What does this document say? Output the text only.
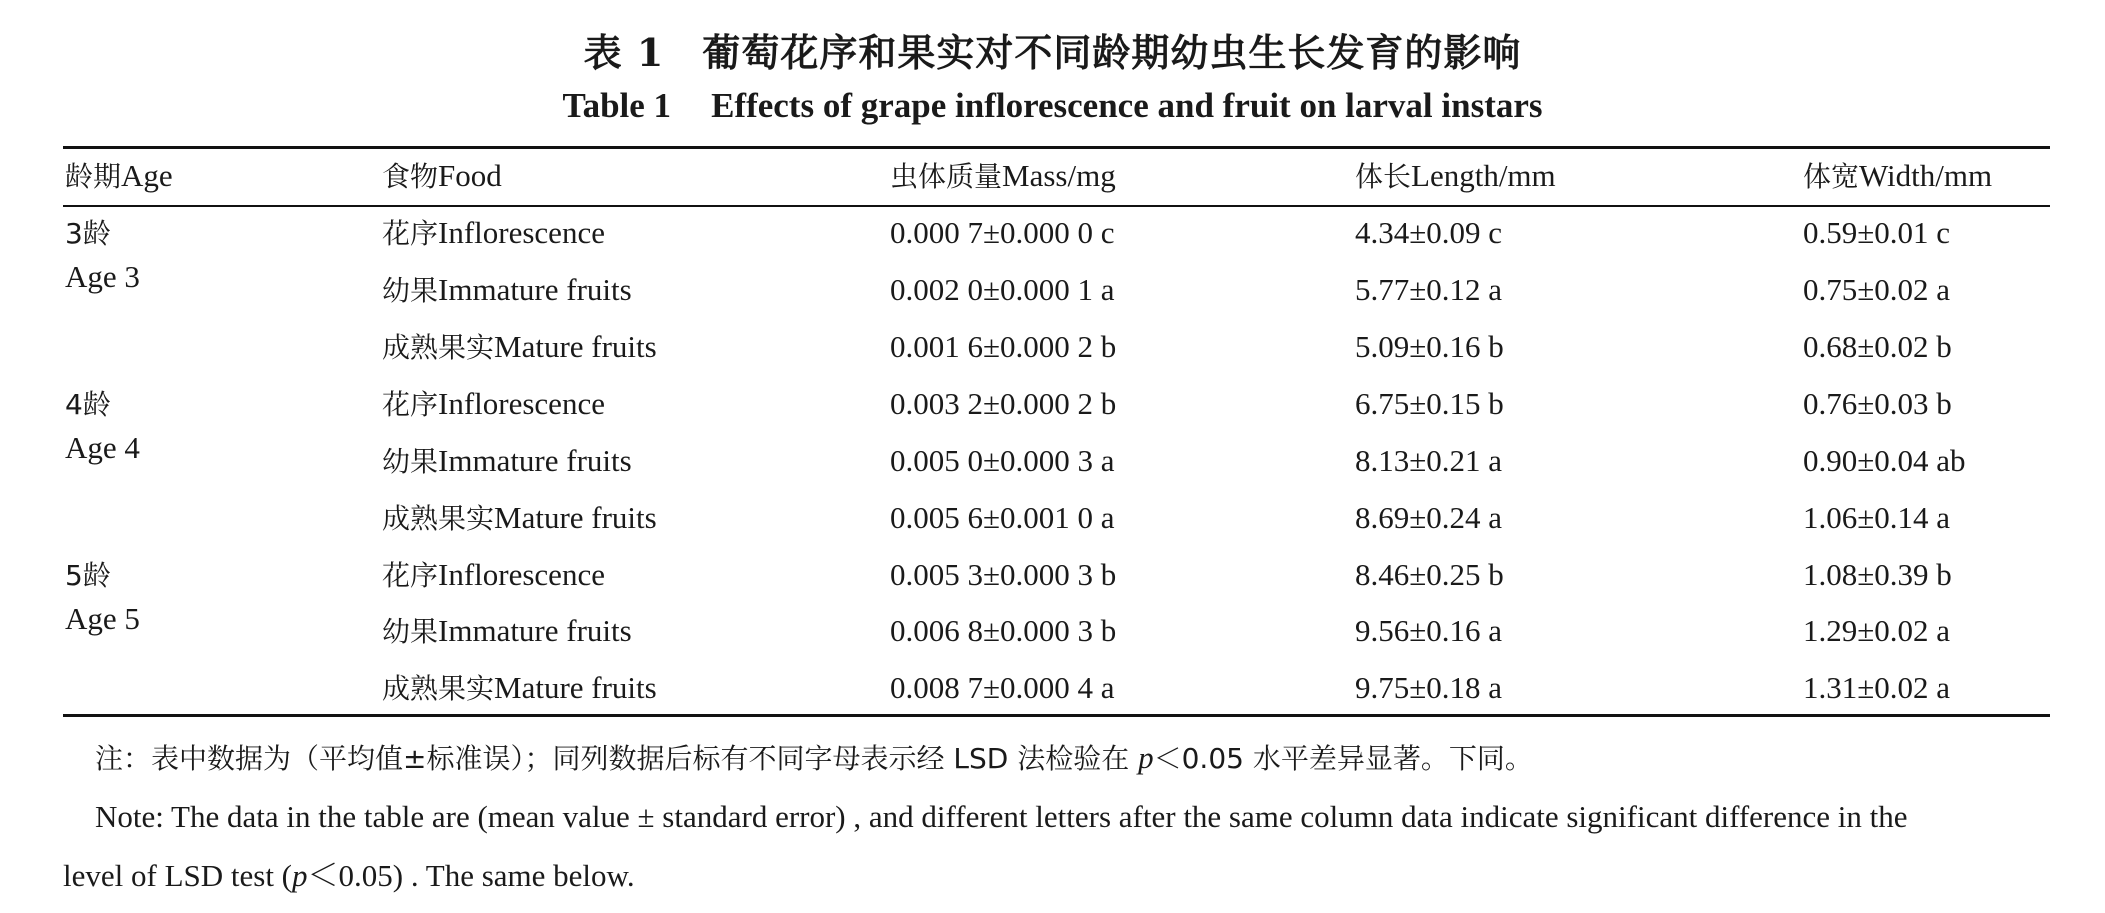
表 1 葡萄花序和果实对不同龄期幼虫生长发育的影响
Table 1 Effects of grape inflorescence and fruit on larval instars
龄期Age	食物Food	虫体质量Mass/mg	体长Length/mm	体宽Width/mm
3龄
Age 3
花序Inflorescence	0.000 7±0.000 0 c	4.34±0.09 c	0.59±0.01 c
幼果Immature fruits	0.002 0±0.000 1 a	5.77±0.12 a	0.75±0.02 a
成熟果实Mature fruits	0.001 6±0.000 2 b	5.09±0.16 b	0.68±0.02 b
4龄
Age 4
花序Inflorescence	0.003 2±0.000 2 b	6.75±0.15 b	0.76±0.03 b
幼果Immature fruits	0.005 0±0.000 3 a	8.13±0.21 a	0.90±0.04 ab
成熟果实Mature fruits	0.005 6±0.001 0 a	8.69±0.24 a	1.06±0.14 a
5龄
Age 5
花序Inflorescence	0.005 3±0.000 3 b	8.46±0.25 b	1.08±0.39 b
幼果Immature fruits	0.006 8±0.000 3 b	9.56±0.16 a	1.29±0.02 a
成熟果实Mature fruits	0.008 7±0.000 4 a	9.75±0.18 a	1.31±0.02 a
注：表中数据为（平均值±标准误）；同列数据后标有不同字母表示经 LSD 法检验在 p＜0.05 水平差异显著。下同。
Note: The data in the table are (mean value ± standard error) , and different letters after the same column data indicate significant difference in the
level of LSD test (p＜0.05) . The same below.
